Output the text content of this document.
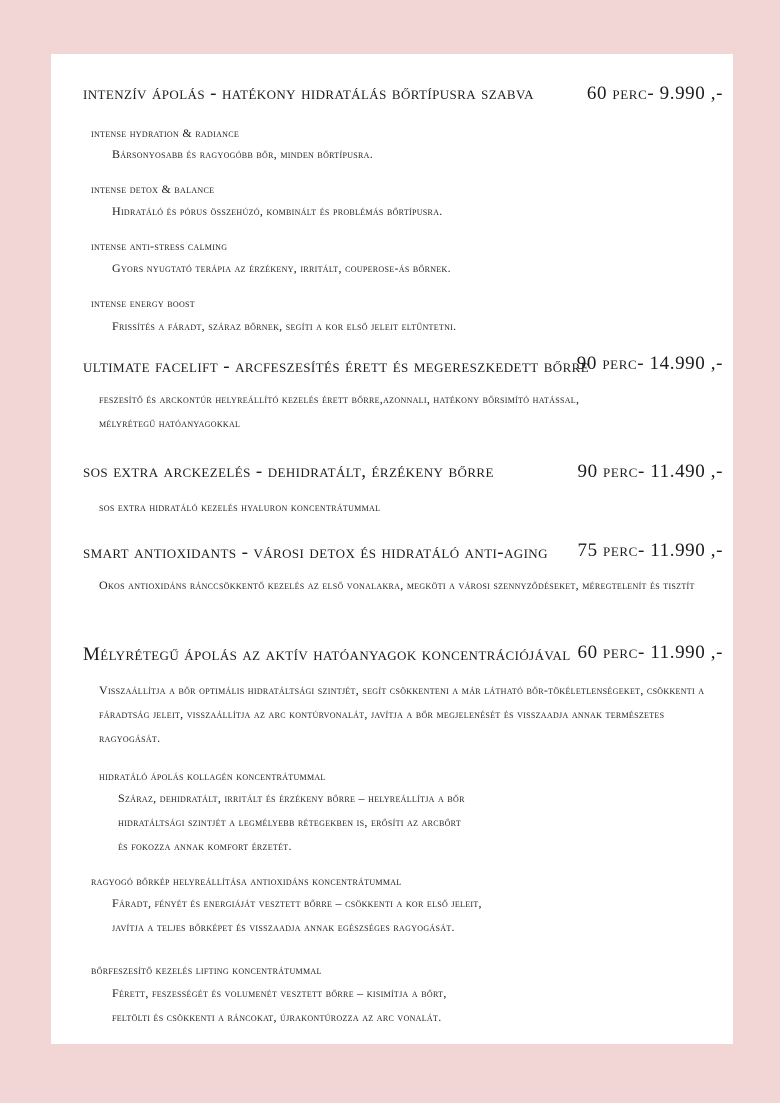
intenzív ápolás - hatékony hidratálás bőrtípusra szabva	60 perc- 9.990 ,-
intense hydration & radiance
Bársonyosabb és ragyogóbb bőr, minden bőrtípusra.
intense detox & balance
Hidratáló és pórus összehúzó, kombinált és problémás bőrtípusra.
intense anti-stress calming
Gyors nyugtató terápia az érzékeny, irritált, couperose-ás bőrnek.
intense energy boost
Frissítés a fáradt, száraz bőrnek, segíti a kor első jeleit eltűntetni.
ultimate facelift - arcfeszesítés érett és megereszkedett bőrre
90 perc- 14.990 ,-
feszesítő és arckontúr helyreállító kezelés érett bőrre,azonnali, hatékony bőrsimító hatással, mélyrétegű hatóanyagokkal
sos extra arckezelés - dehidratált, érzékeny bőrre	90 perc- 11.490 ,-
sos extra hidratáló kezelés hyaluron koncentrátummal
smart antioxidants - városi detox és hidratáló anti-aging 75 perc- 11.990 ,-
Okos antioxidáns ránccsökkentő kezelés az első vonalakra, megköti a városi szennyződéseket, méregtelenít és tisztít
Mélyrétegű ápolás az aktív hatóanyagok koncentrációjával 60 perc- 11.990 ,-
Visszaállítja a bőr optimális hidratáltsági szintjét, segít csökkenteni a már látható bőr-tökéletlenségeket, csökkenti a fáradtság jeleit, visszaállítja az arc kontúrvonalát, javítja a bőr megjelenését és visszaadja annak természetes ragyogását.
hidratáló ápolás kollagén koncentrátummal
Száraz, dehidratált, irritált és érzékeny bőrre – helyreállítja a bőr hidratáltsági szintjét a legmélyebb rétegekben is, erősíti az arcbőrt és fokozza annak komfort érzetét.
ragyogó bőrkép helyreállítása antioxidáns koncentrátummal
Fáradt, fényét és energiáját vesztett bőrre – csökkenti a kor első jeleit, javítja a teljes bőrképet és visszaadja annak egészséges ragyogását.
bőrfeszesítő kezelés lifting koncentrátummal
Férett, feszességét és volumenét vesztett bőrre – kisimítja a bőrt, feltölti és csökkenti a ráncokat, újrakontúrozza az arc vonalát.
